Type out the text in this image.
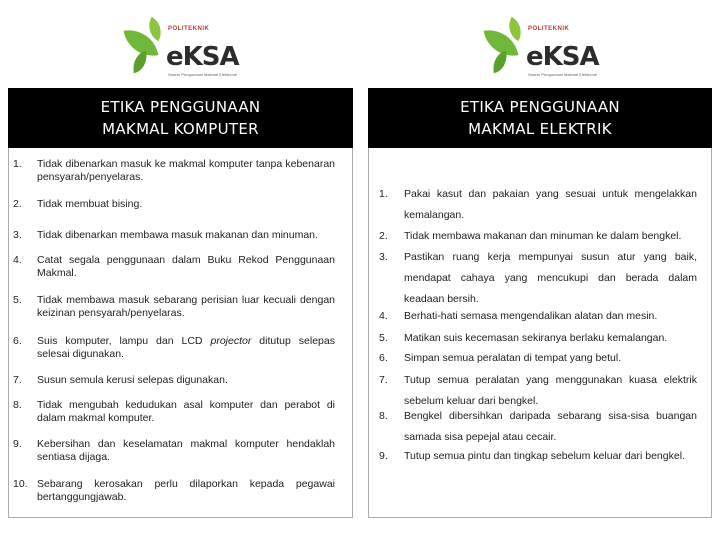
POLITEKNIK
eKSA
Sistem Pengurusan Makmal Elektronik
POLITEKNIK
eKSA
Sistem Pengurusan Makmal Elektronik
ETIKA PENGGUNAAN
MAKMAL KOMPUTER
ETIKA PENGGUNAAN
MAKMAL ELEKTRIK
1.	Tidak dibenarkan masuk ke makmal komputer tanpa kebenaran pensyarah/penyelaras.
2.	Tidak membuat bising.
3.	Tidak dibenarkan membawa masuk makanan dan minuman.
4.	Catat segala penggunaan dalam Buku Rekod Penggunaan Makmal.
5.	Tidak membawa masuk sebarang perisian luar kecuali dengan keizinan pensyarah/penyelaras.
6.	Suis komputer, lampu dan LCD projector ditutup selepas selesai digunakan.
7.	Susun semula kerusi selepas digunakan.
8.	Tidak mengubah kedudukan asal komputer dan perabot di dalam makmal komputer.
9.	Kebersihan dan keselamatan makmal komputer hendaklah sentiasa dijaga.
10. Sebarang kerosakan perlu dilaporkan kepada pegawai bertanggungjawab.
1.	Pakai kasut dan pakaian yang sesuai untuk mengelakkan kemalangan.
2.	Tidak membawa makanan dan minuman ke dalam bengkel.
3.	Pastikan ruang kerja mempunyai susun atur yang baik, mendapat cahaya yang mencukupi dan berada dalam keadaan bersih.
4.	Berhati-hati semasa mengendalikan alatan dan mesin.
5.	Matikan suis kecemasan sekiranya berlaku kemalangan.
6.	Simpan semua peralatan di tempat yang betul.
7.	Tutup semua peralatan yang menggunakan kuasa elektrik sebelum keluar dari bengkel.
8.	Bengkel dibersihkan daripada sebarang sisa-sisa buangan samada sisa pepejal atau cecair.
9.	Tutup semua pintu dan tingkap sebelum keluar dari bengkel.
